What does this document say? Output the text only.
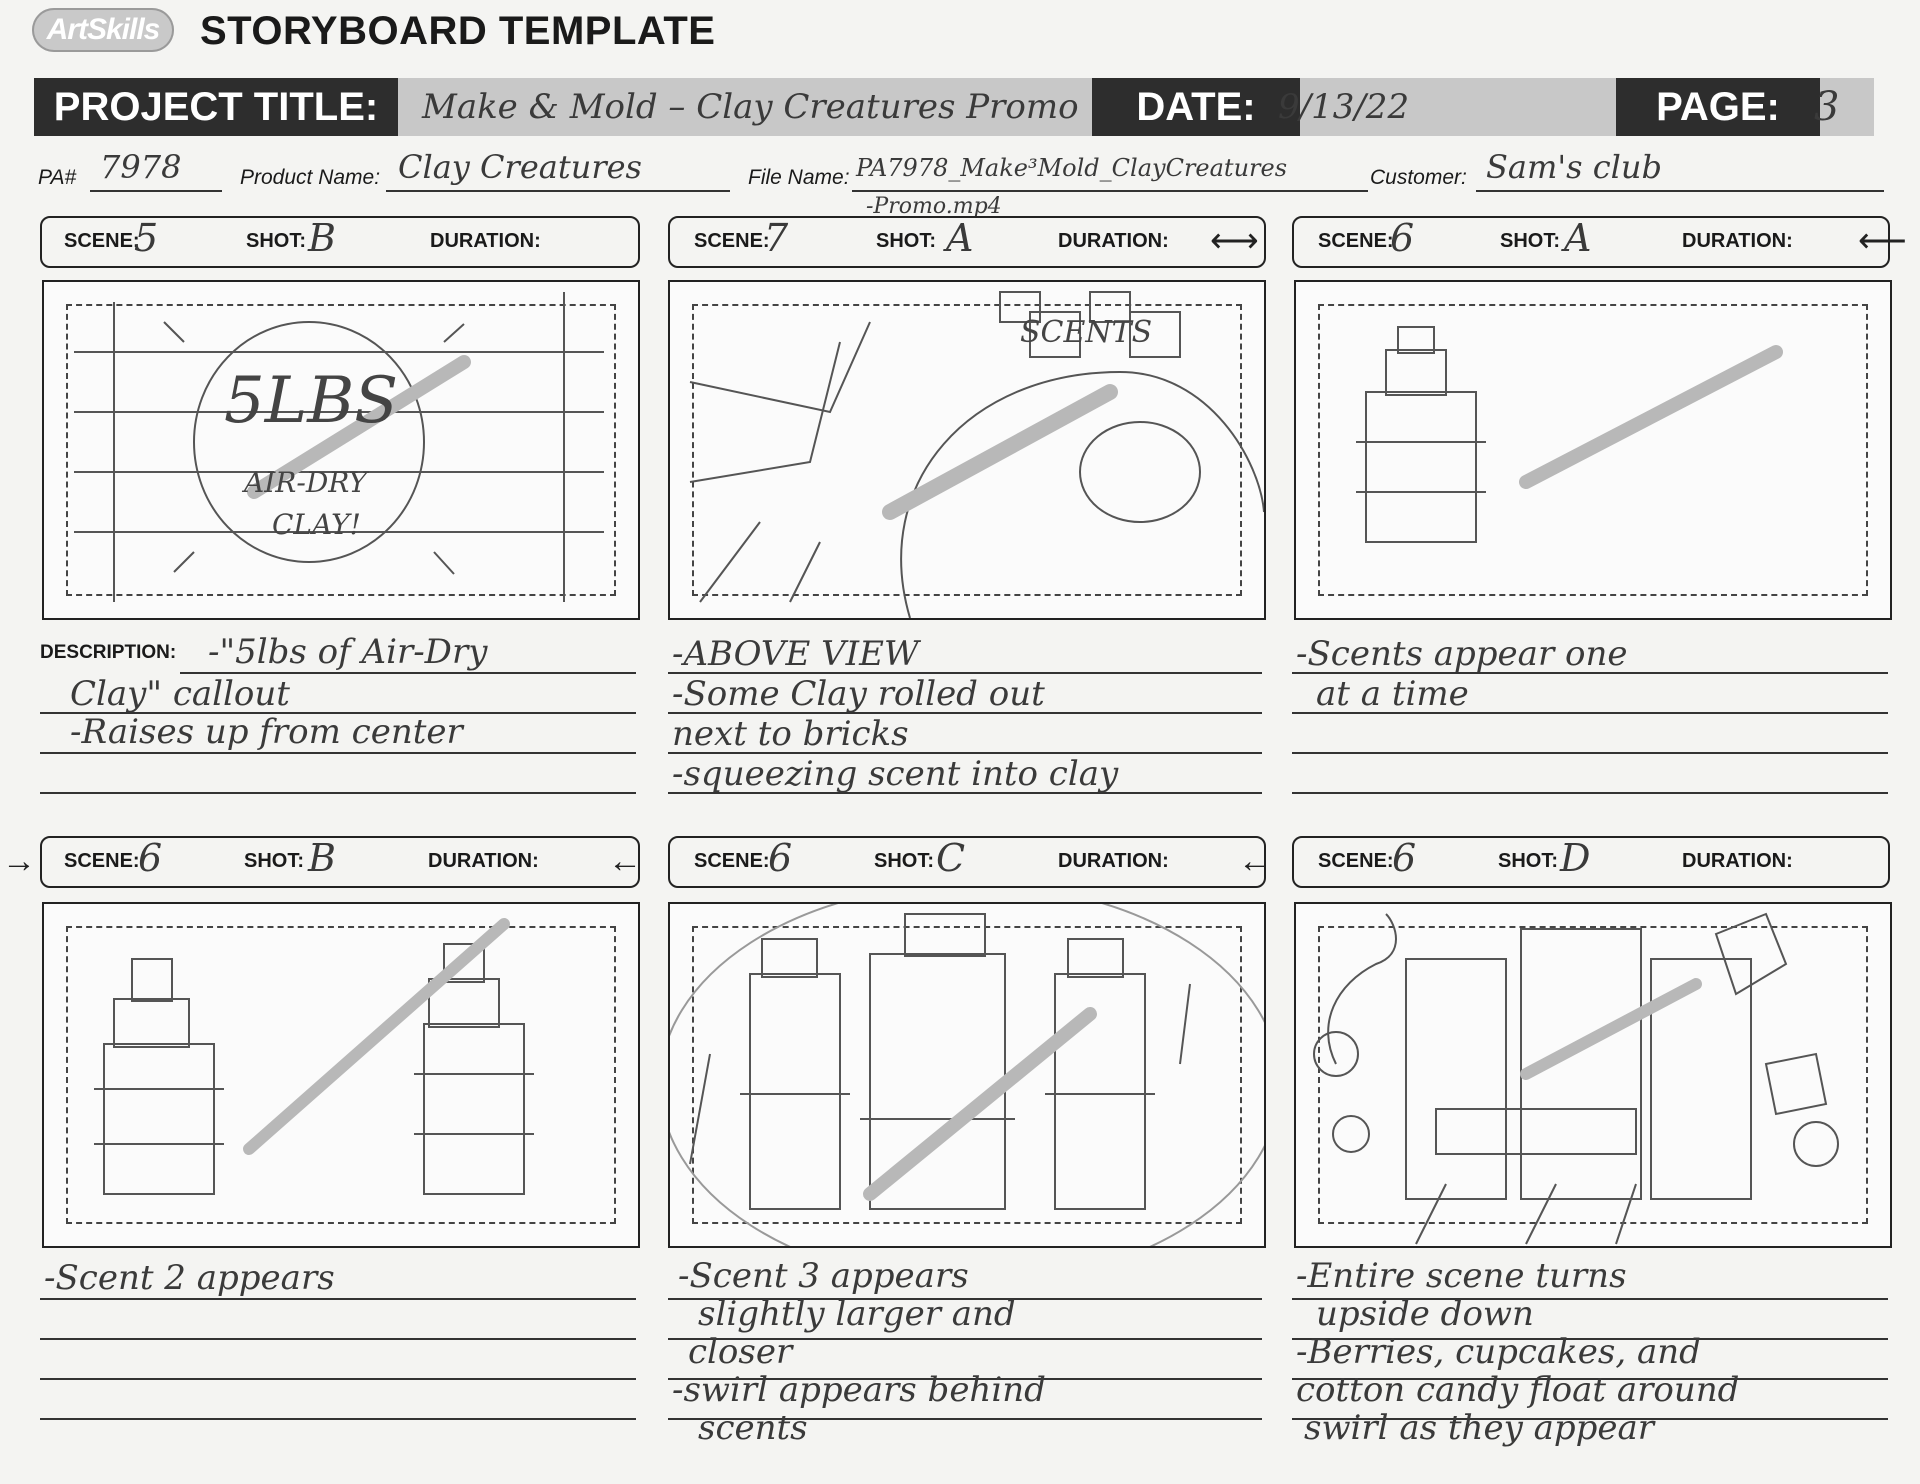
ArtSkills	STORYBOARD TEMPLATE
PROJECT TITLE:	Make & Mold – Clay Creatures Promo	DATE: 9/13/22	PAGE: 3
PA# 7978	Product Name: Clay Creatures	File Name: PA7978_Make³Mold_ClayCreatures
-Promo.mp4
Customer: Sam's club
SCENE:
5	SHOT: B	DURATION:	SCENE:
7	SHOT: A	DURATION:	SCENE:
6	SHOT: A	DURATION:
⟷	⟵
5LBS
AIR-DRY
CLAY!
SCENTS
DESCRIPTION: -"5lbs of Air-Dry
Clay" callout
-Raises up from center
-ABOVE VIEW
-Some Clay rolled out
next to bricks
-squeezing scent into clay
-Scents appear one
at a time
→ SCENE:
6	SHOT: B	DURATION: ←	SCENE:
6	SHOT: C	DURATION: ← SCENE:
6	SHOT: D	DURATION:
-Scent 2 appears	-Scent 3 appears
slightly larger and
closer
-swirl appears behind
scents
-Entire scene turns
upside down
-Berries, cupcakes, and
cotton candy float around
swirl as they appear
